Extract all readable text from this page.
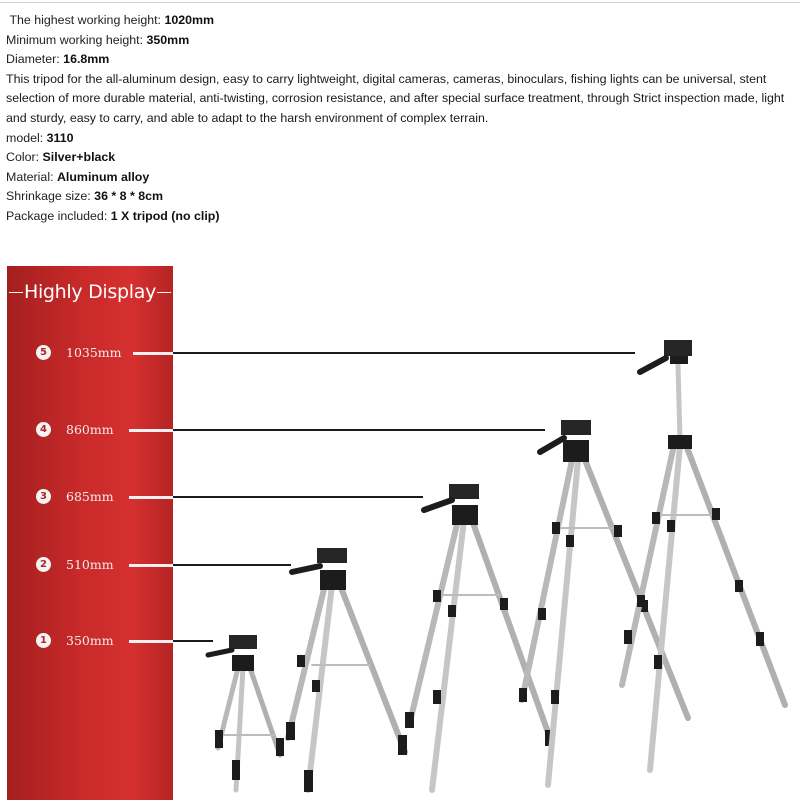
The highest working height: 1020mm
Minimum working height: 350mm
Diameter: 16.8mm
This tripod for the all-aluminum design, easy to carry lightweight, digital cameras, cameras, binoculars, fishing lights can be universal, stent selection of more durable material, anti-twisting, corrosion resistance, and after special surface treatment, through Strict inspection made, light and sturdy, easy to carry, and able to adapt to the harsh environment of complex terrain.
model: 3110
Color: Silver+black
Material: Aluminum alloy
Shrinkage size: 36 * 8 * 8cm
Package included: 1 X tripod (no clip)
Highly Display
5	1035mm
4	860mm
3	685mm
2	510mm
1	350mm
